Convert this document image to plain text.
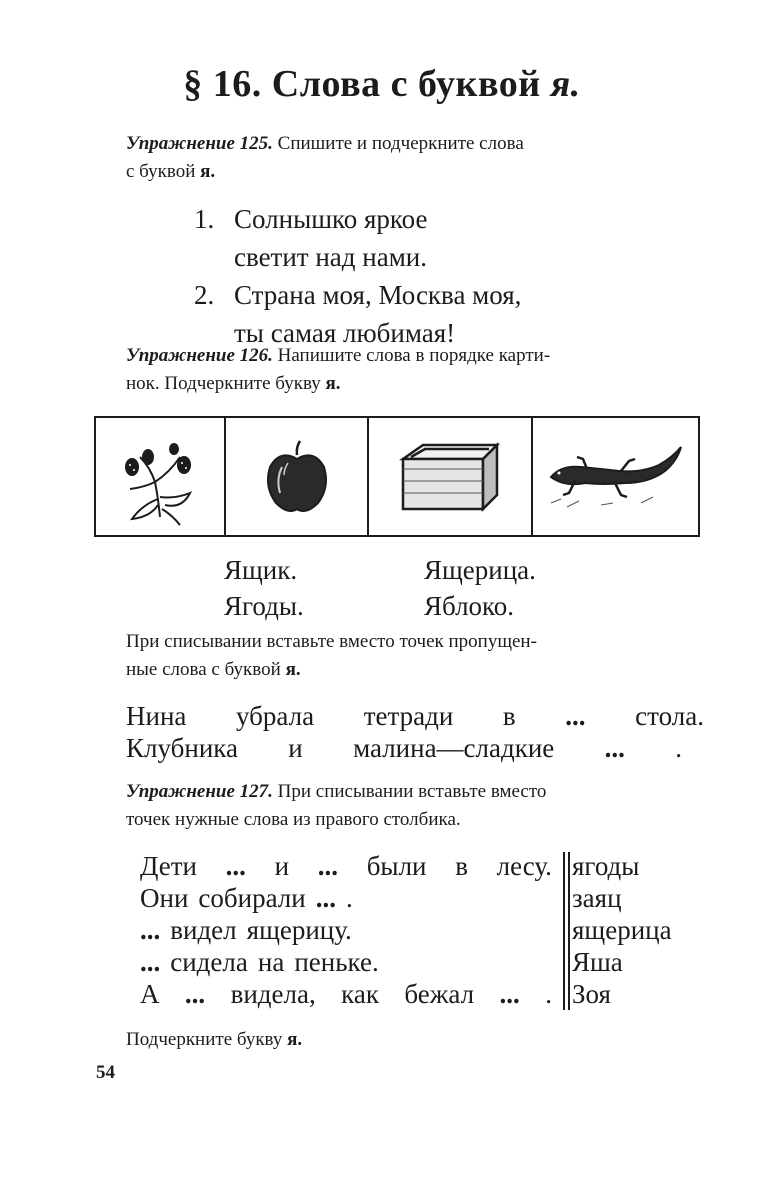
§ 16. Слова с буквой я.
Упражнение 125. Спишите и подчеркните слова
с буквой я.
1. Солнышко яркое
светит над нами.
2. Страна моя, Москва моя,
ты самая любимая!
Упражнение 126. Напишите слова в порядке карти-
нок. Подчеркните букву я.
Ящик.
Ягоды.
Ящерица.
Яблоко.
При списывании вставьте вместо точек пропущен-
ные слова с буквой я.
Нина убрала тетради в ... стола.
Клубника и малина—сладкие ... .
Упражнение 127. При списывании вставьте вместо
точек нужные слова из правого столбика.
Дети ... и ... были в лесу.
Они собирали ... .
... видел ящерицу.
... сидела на пеньке.
А ... видела, как бежал ... .
ягоды
заяц
ящерица
Яша
Зоя
Подчеркните букву я.
54
